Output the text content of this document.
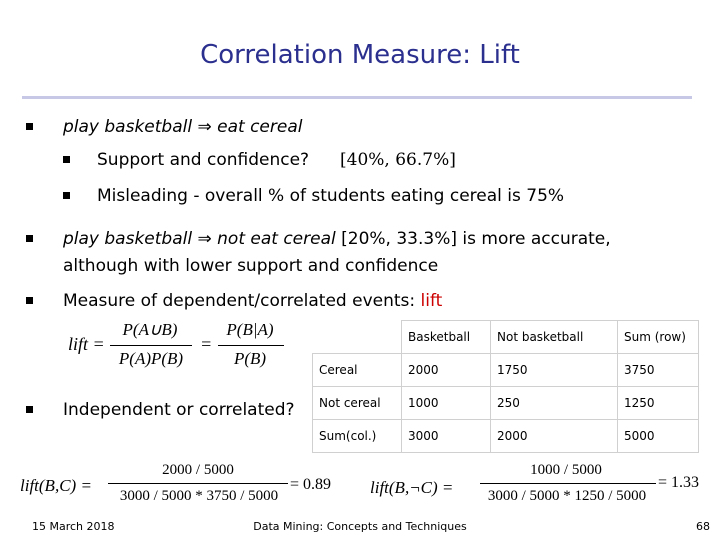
Correlation Measure: Lift
play basketball ⇒ eat cereal
Support and confidence? [40%, 66.7%]
Misleading - overall % of students eating cereal is 75%
play basketball ⇒ not eat cereal [20%, 33.3%] is more accurate,
although with lower support and confidence
Measure of dependent/correlated events: lift
lift =
P(A∪B)
P(A)P(B)
=
P(B|A)
P(B)
Independent or correlated?
	Basketball	Not basketball	Sum (row)
Cereal	2000	1750	3750
Not cereal	1000	250	1250
Sum(col.)	3000	2000	5000
lift(B,C) =
2000 / 5000
3000 / 5000 * 3750 / 5000
= 0.89 lift(B,¬C) =
1000 / 5000
3000 / 5000 * 1250 / 5000
= 1.33
15 March 2018	Data Mining: Concepts and Techniques	68
